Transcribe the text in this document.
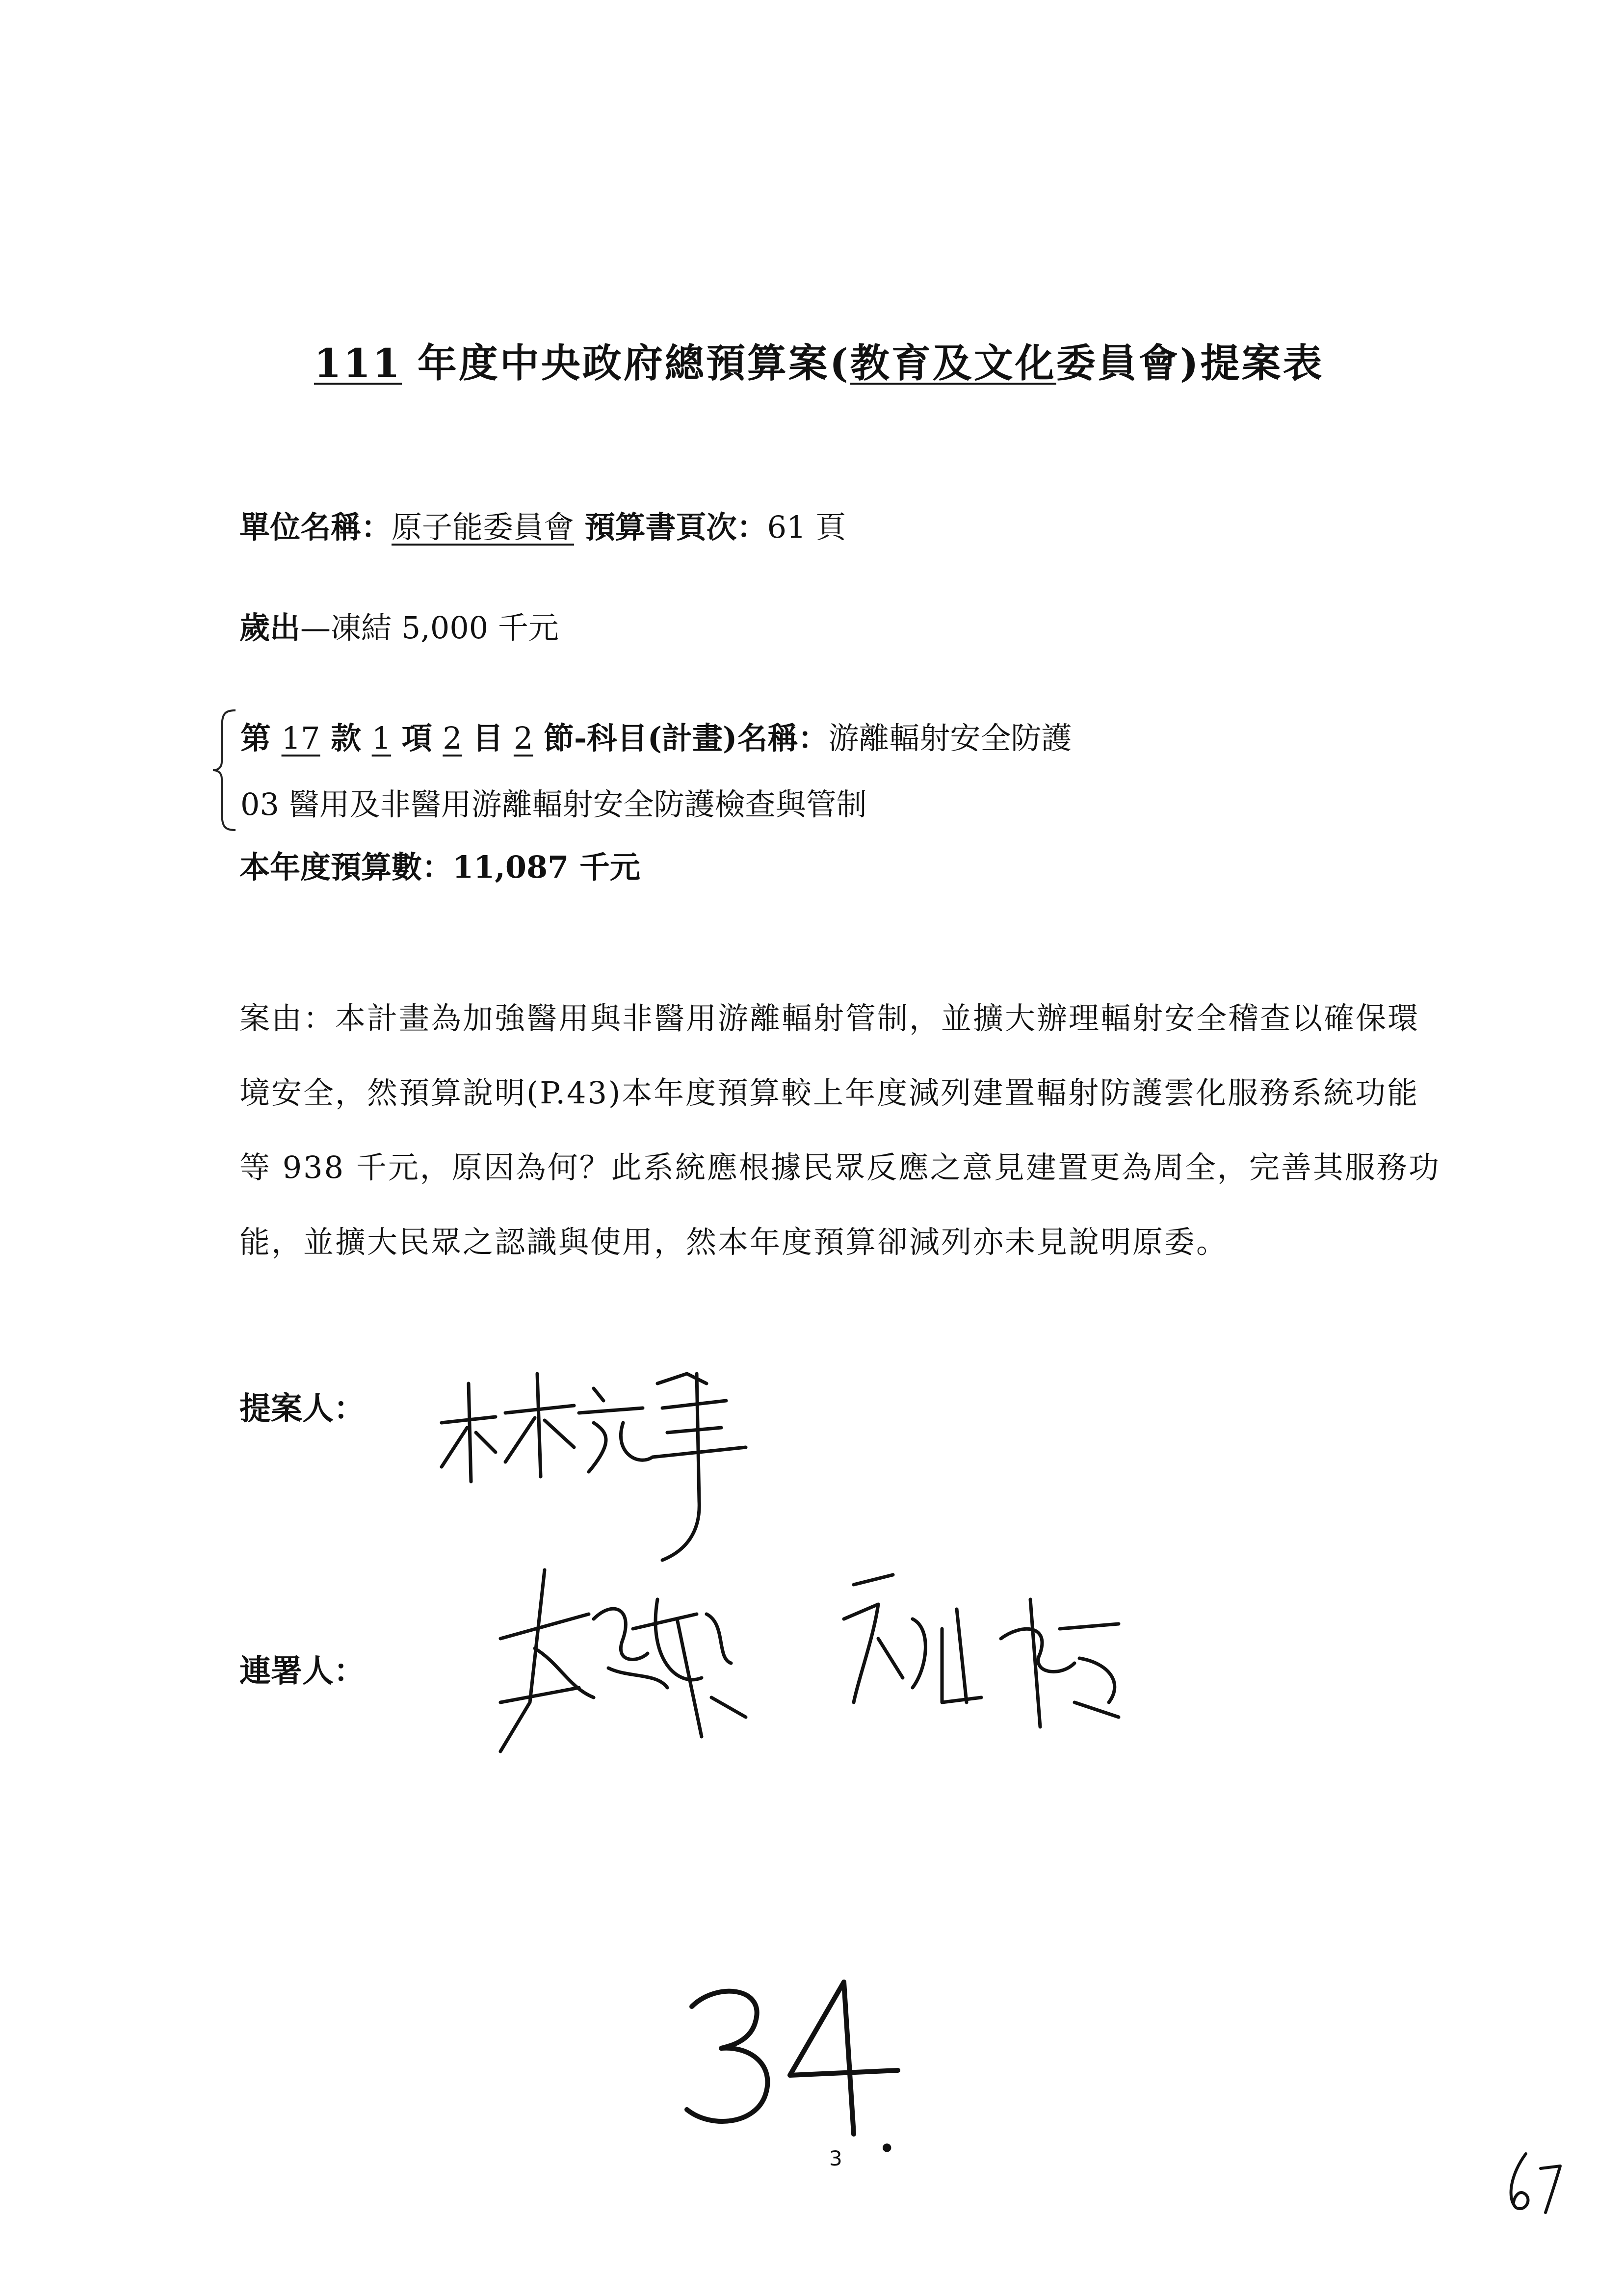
111 年度中央政府總預算案(教育及文化委員會)提案表
單位名稱：原子能委員會 預算書頁次：61 頁
歲出—凍結 5,000 千元
第 17 款 1 項 2 目 2 節-科目(計畫)名稱：游離輻射安全防護
03 醫用及非醫用游離輻射安全防護檢查與管制
本年度預算數：11,087 千元
案由：本計畫為加強醫用與非醫用游離輻射管制，並擴大辦理輻射安全稽查以確保環境安全，然預算說明(P.43)本年度預算較上年度減列建置輻射防護雲化服務系統功能等 938 千元，原因為何？此系統應根據民眾反應之意見建置更為周全，完善其服務功能，並擴大民眾之認識與使用，然本年度預算卻減列亦未見說明原委。
提案人：
連署人：
3 •
